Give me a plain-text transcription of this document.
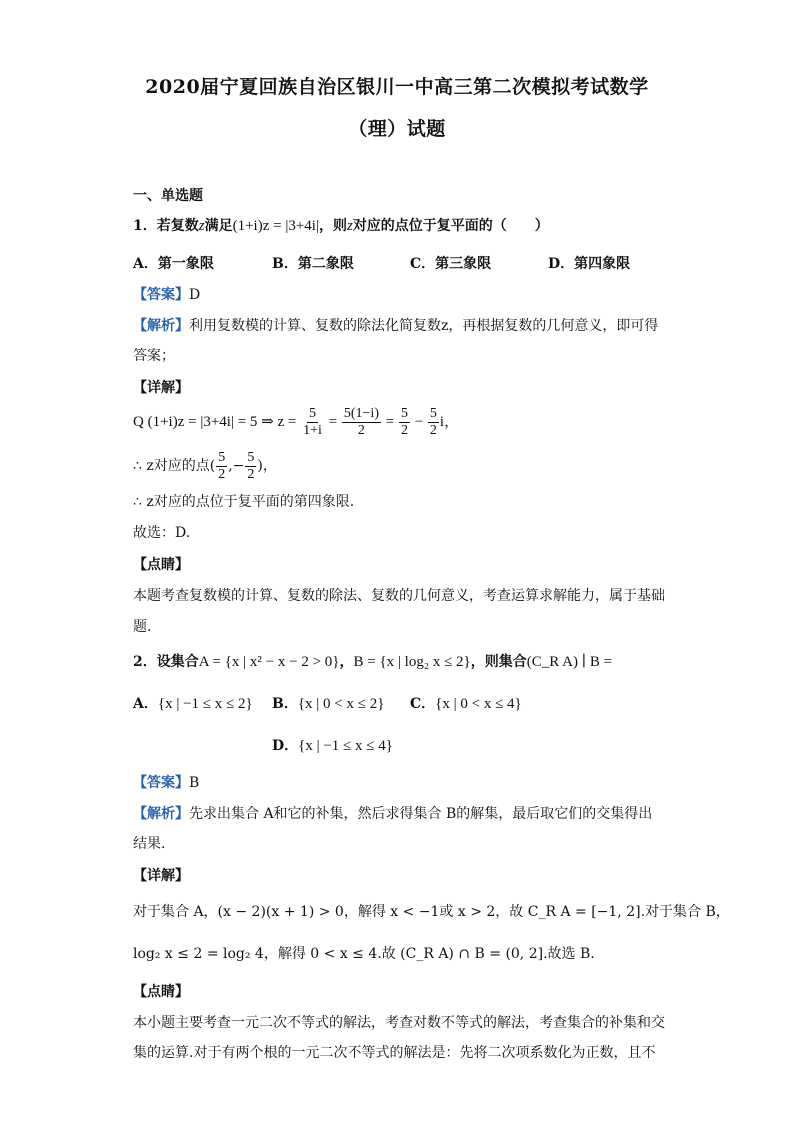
2020届宁夏回族自治区银川一中高三第二次模拟考试数学
（理）试题
一、单选题
1．若复数z满足(1+i)z = |3+4i|，则z对应的点位于复平面的（　　）
A．第一象限	B．第二象限	C．第三象限	D．第四象限
【答案】D
【解析】利用复数模的计算、复数的除法化简复数z，再根据复数的几何意义，即可得
答案；
【详解】
Q (1+i)z = |3+4i| = 5 ⇒ $z = \frac{5}{1+i} = \frac{5(1-i)}{2} = \frac{5}{2} - \frac{5}{2}$ i，
∴ z对应的点( $\frac{5}{2}$ ,− $\frac{5}{2}$ )，
∴ z对应的点位于复平面的第四象限.
故选：D.
【点睛】
本题考查复数模的计算、复数的除法、复数的几何意义，考查运算求解能力，属于基础
题.
2．设集合A = {x | x² − x − 2 > 0}，B = {x | log₂ x ≤ 2}，则集合(C_R A) ∣ B =
A．{x | −1 ≤ x ≤ 2} B．{x | 0 < x ≤ 2} C．{x | 0 < x ≤ 4}
D．{x | −1 ≤ x ≤ 4}
【答案】B
【解析】先求出集合 A和它的补集，然后求得集合 B的解集，最后取它们的交集得出
结果.
【详解】
对于集合 A，(x − 2)(x + 1) > 0，解得 x < −1或 x > 2，故 C_R A = [−1, 2].对于集合 B，
log₂ x ≤ 2 = log₂ 4，解得 0 < x ≤ 4.故 (C_R A) ∩ B = (0, 2].故选 B.
【点睛】
本小题主要考查一元二次不等式的解法，考查对数不等式的解法，考查集合的补集和交
集的运算.对于有两个根的一元二次不等式的解法是：先将二次项系数化为正数，且不
